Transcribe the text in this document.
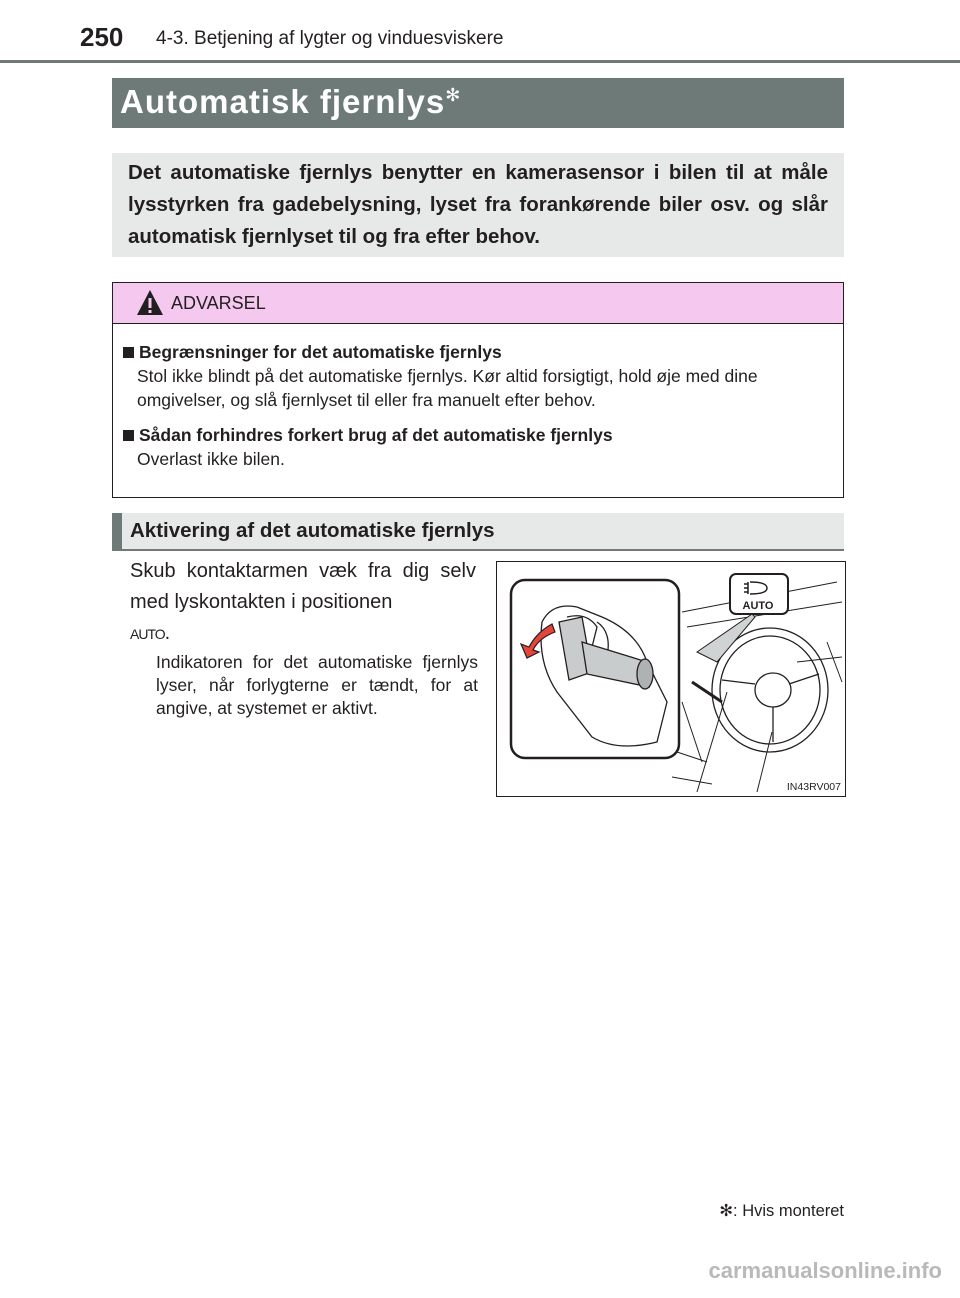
250 4-3. Betjening af lygter og vinduesviskere
Automatisk fjernlys✻
Det automatiske fjernlys benytter en kamerasensor i bilen til at måle lysstyrken fra gadebelysning, lyset fra forankørende biler osv. og slår automatisk fjernlyset til og fra efter behov.
ADVARSEL
Begrænsninger for det automatiske fjernlys
Stol ikke blindt på det automatiske fjernlys. Kør altid forsigtigt, hold øje med dine omgivelser, og slå fjernlyset til eller fra manuelt efter behov.
Sådan forhindres forkert brug af det automatiske fjernlys
Overlast ikke bilen.
Aktivering af det automatiske fjernlys
Skub kontaktarmen væk fra dig selv med lyskontakten i positionen
AUTO.
Indikatoren for det automatiske fjernlys lyser, når forlygterne er tændt, for at angive, at systemet er aktivt.
AUTO
IN43RV007
✻: Hvis monteret
carmanualsonline.info
